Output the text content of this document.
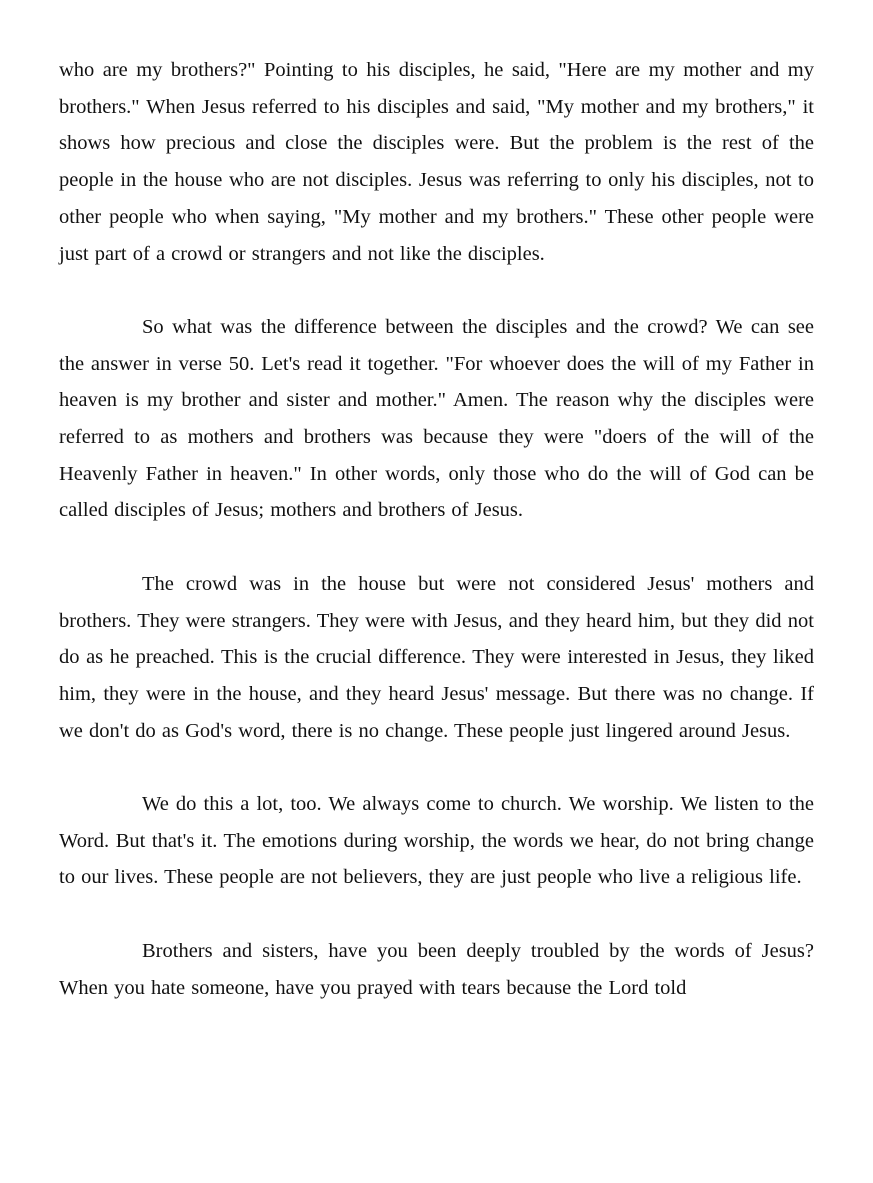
who are my brothers?" Pointing to his disciples, he said, "Here are my mother and my brothers." When Jesus referred to his disciples and said, "My mother and my brothers," it shows how precious and close the disciples were. But the problem is the rest of the people in the house who are not disciples. Jesus was referring to only his disciples, not to other people who when saying, "My mother and my brothers." These other people were just part of a crowd or strangers and not like the disciples.

So what was the difference between the disciples and the crowd? We can see the answer in verse 50. Let's read it together. "For whoever does the will of my Father in heaven is my brother and sister and mother." Amen. The reason why the disciples were referred to as mothers and brothers was because they were "doers of the will of the Heavenly Father in heaven." In other words, only those who do the will of God can be called disciples of Jesus; mothers and brothers of Jesus.

The crowd was in the house but were not considered Jesus' mothers and brothers. They were strangers. They were with Jesus, and they heard him, but they did not do as he preached. This is the crucial difference. They were interested in Jesus, they liked him, they were in the house, and they heard Jesus' message. But there was no change. If we don't do as God's word, there is no change. These people just lingered around Jesus.

We do this a lot, too. We always come to church. We worship. We listen to the Word. But that's it. The emotions during worship, the words we hear, do not bring change to our lives. These people are not believers, they are just people who live a religious life.

Brothers and sisters, have you been deeply troubled by the words of Jesus? When you hate someone, have you prayed with tears because the Lord told
